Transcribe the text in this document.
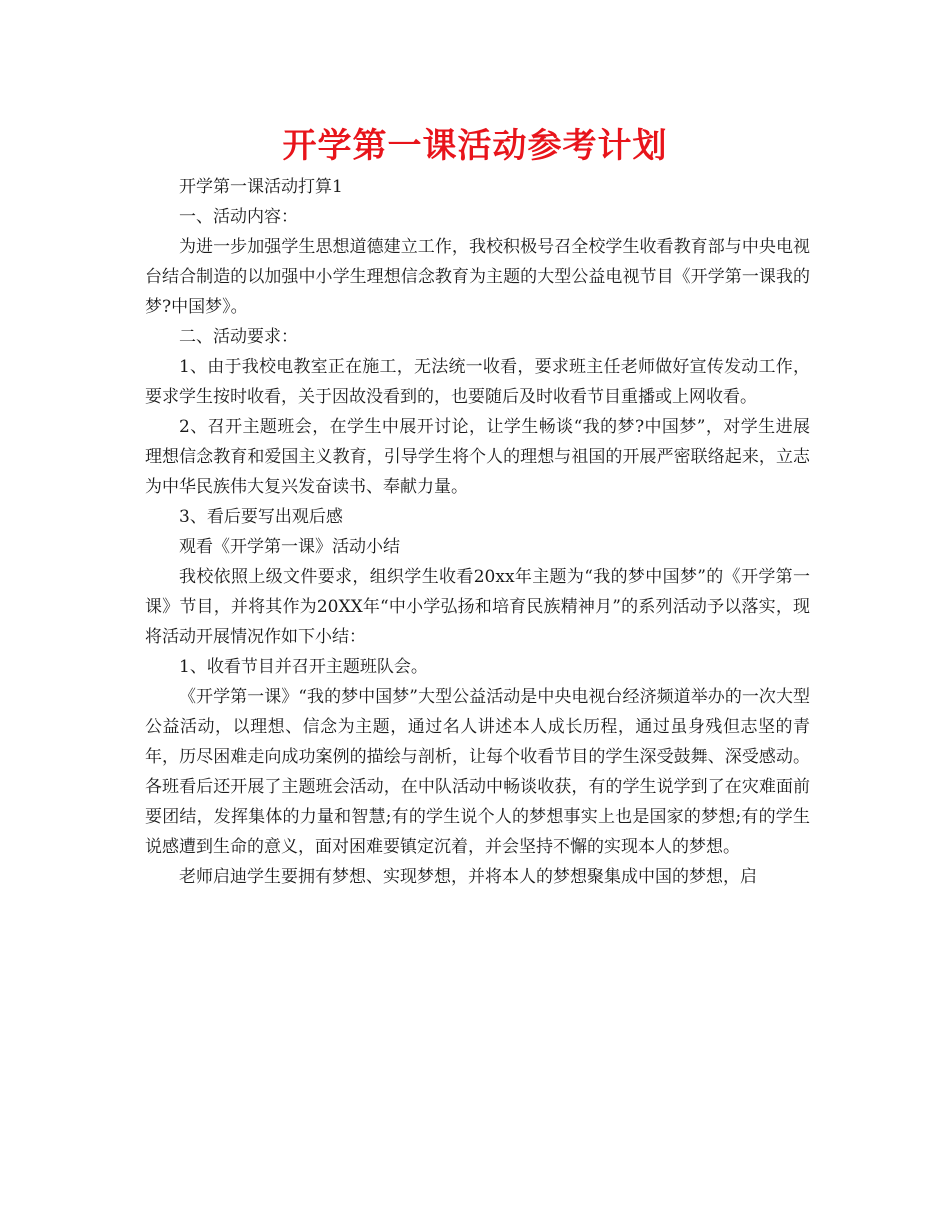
开学第一课活动参考计划

开学第一课活动打算1

一、活动内容：

为进一步加强学生思想道德建立工作，我校积极号召全校学生收看教育部与中央电视台结合制造的以加强中小学生理想信念教育为主题的大型公益电视节目《开学第一课我的梦?中国梦》。

二、活动要求：

1、由于我校电教室正在施工，无法统一收看，要求班主任老师做好宣传发动工作，要求学生按时收看，关于因故没看到的，也要随后及时收看节目重播或上网收看。

2、召开主题班会，在学生中展开讨论，让学生畅谈“我的梦?中国梦”，对学生进展理想信念教育和爱国主义教育，引导学生将个人的理想与祖国的开展严密联络起来，立志为中华民族伟大复兴发奋读书、奉献力量。

3、看后要写出观后感

观看《开学第一课》活动小结

我校依照上级文件要求，组织学生收看20xx年主题为“我的梦中国梦”的《开学第一课》节目，并将其作为20XX年“中小学弘扬和培育民族精神月”的系列活动予以落实，现将活动开展情况作如下小结：

1、收看节目并召开主题班队会。

《开学第一课》“我的梦中国梦”大型公益活动是中央电视台经济频道举办的一次大型公益活动，以理想、信念为主题，通过名人讲述本人成长历程，通过虽身残但志坚的青年，历尽困难走向成功案例的描绘与剖析，让每个收看节目的学生深受鼓舞、深受感动。各班看后还开展了主题班会活动，在中队活动中畅谈收获，有的学生说学到了在灾难面前要团结，发挥集体的力量和智慧;有的学生说个人的梦想事实上也是国家的梦想;有的学生说感遭到生命的意义，面对困难要镇定沉着，并会坚持不懈的实现本人的梦想。

老师启迪学生要拥有梦想、实现梦想，并将本人的梦想聚集成中国的梦想，启
